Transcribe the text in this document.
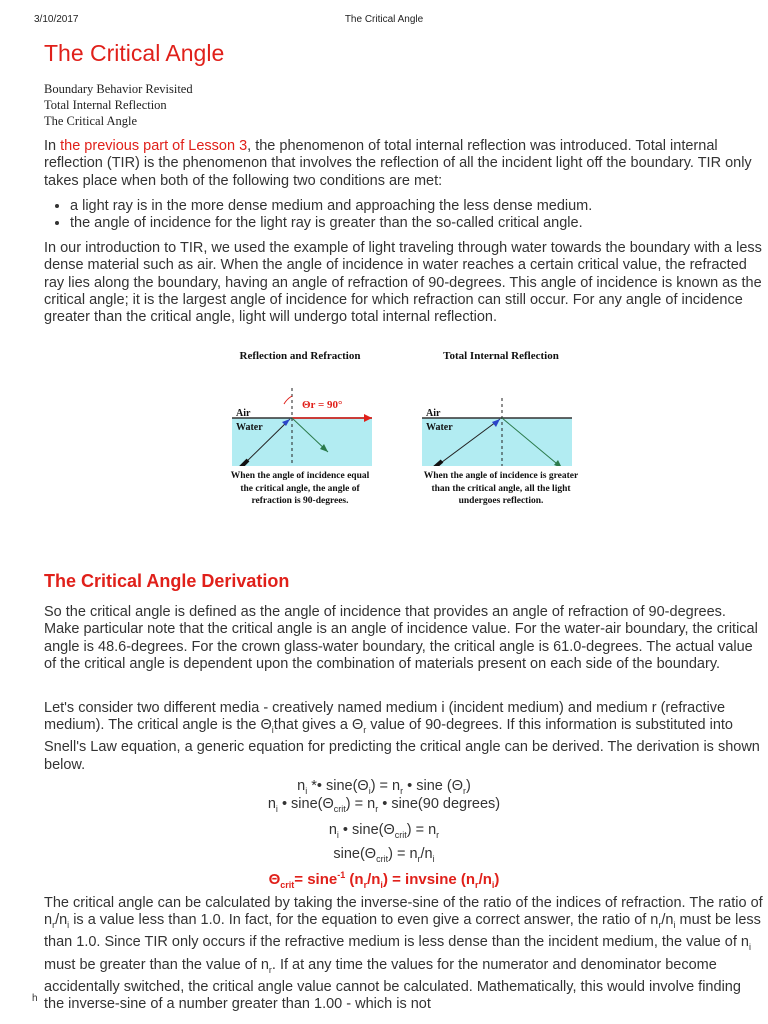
3/10/2017	The Critical Angle
The Critical Angle
Boundary Behavior Revisited
Total Internal Reflection
The Critical Angle

In the previous part of Lesson 3, the phenomenon of total internal reflection was introduced. Total internal reflection (TIR) is the phenomenon that involves the reflection of all the incident light off the boundary. TIR only takes place when both of the following two conditions are met:

• a light ray is in the more dense medium and approaching the less dense medium.
• the angle of incidence for the light ray is greater than the so-called critical angle.

In our introduction to TIR, we used the example of light traveling through water towards the boundary with a less dense material such as air. When the angle of incidence in water reaches a certain critical value, the refracted ray lies along the boundary, having an angle of refraction of 90-degrees. This angle of incidence is known as the critical angle; it is the largest angle of incidence for which refraction can still occur. For any angle of incidence greater than the critical angle, light will undergo total internal reflection.

Reflection and Refraction
Air
Water
Θr = 90°
When the angle of incidence equal the critical angle, the angle of refraction is 90-degrees.
Total Internal Reflection
Air
Water
When the angle of incidence is greater than the critical angle, all the light undergoes reflection.
The Critical Angle Derivation

So the critical angle is defined as the angle of incidence that provides an angle of refraction of 90-degrees. Make particular note that the critical angle is an angle of incidence value. For the water-air boundary, the critical angle is 48.6-degrees. For the crown glass-water boundary, the critical angle is 61.0-degrees. The actual value of the critical angle is dependent upon the combination of materials present on each side of the boundary.

Let's consider two different media - creatively named medium i (incident medium) and medium r (refractive medium). The critical angle is the $\Theta_ithat$ gives a $\Theta_r$ value of 90-degrees. If this information is substituted into Snell's Law equation, a generic equation for predicting the critical angle can be derived. The derivation is shown below.

$n_i$ *• $\sin e(\Theta_i) = n_r$ • sine $(\Theta_r)$
$n_i$ • $\sin e(\Theta_{crit}) = n_r$ • sine(90 degrees)
$n_i$ • $\sin e(\Theta_{crit}) = n_r$
$\sin e(\Theta_{crit}) = n_r/n_i$
$\Theta_{crit}= \sin e^{-1}$ $(n_r/n_i) = invsine$ $(n_r/n_i)$

The critical angle can be calculated by taking the inverse-sine of the ratio of the indices of refraction. The ratio of $n_r/n_i$ is a value less than 1.0. In fact, for the equation to even give a correct answer, the ratio of $n_r/n_i$ must be less than 1.0. Since TIR only occurs if the refractive medium is less dense than the incident medium, the value of $n_i$ must be greater than the value of $n_r$. If at any time the values for the numerator and denominator become accidentally switched, the critical angle value cannot be calculated. Mathematically, this would involve finding the inverse-sine of a number greater than 1.00 - which is not

h
